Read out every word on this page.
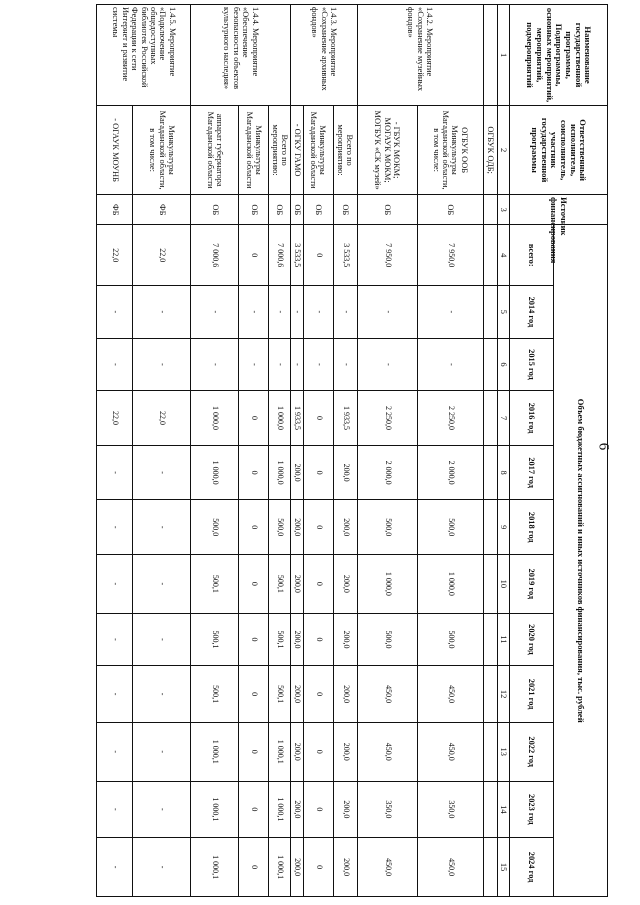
6
Наименование государственной программы, Подпрограммы, основных мероприятий, мероприятий, подмероприятий	Ответственный исполнитель, соисполнитель, участник государственной программы	Источник финансирования	Объем бюджетных ассигнований и иных источников финансирования, тыс. рублей											
			всего:	2014 год	2015 год	2016 год	2017 год	2018 год	2019 год	2020 год	2021 год	2022 год	2023 год	2024 год
1	2	3	4	5	6	7	8	9	10	11	12	13	14	15
	ОГБУК ОДБ;													
1.4.2. Мероприятие «Сохранение музейных фондов»	ОГБУК ООБ Минкультуры Магаданской области, в том числе:	ОБ	7 950,0	-	-	2 250,0	2 000,0	500,0	1 000,0	500,0	450,0	450,0	350,0	450,0
	- ГБУК МОКМ; МОГАУК МОКМ; МОГБУК «СК музей»	ОБ	7 950,0	-	-	2 250,0	2 000,0	500,0	1 000,0	500,0	450,0	450,0	350,0	450,0
1.4.3. Мероприятие «Сохранение архивных фондов»	Всего по мероприятию:	ОБ	3 533,5	-	-	1 933,5	200,0	200,0	200,0	200,0	200,0	200,0	200,0	200,0
	Минкультуры Магаданской области	ОБ	0	-	-	0	0	0	0	0	0	0	0	0
	- ОГКУ ГАМО	ОБ	3 533,5	-	-	1 933,5	200,0	200,0	200,0	200,0	200,0	200,0	200,0	200,0
1.4.4. Мероприятие «Обеспечение безопасности объектов культурного наследия»	Всего по мероприятию:	ОБ	7 000,6	-	-	1 000,0	1 000,0	500,0	500,1	500,1	500,1	1 000,1	1 000,1	1 000,1
	Минкультуры Магаданской области	ОБ	0	-	-	0	0	0	0	0	0	0	0	0
	аппарат губернатора Магаданской области	ОБ	7 000,6	-	-	1 000,0	1 000,0	500,0	500,1	500,1	500,1	1 000,1	1 000,1	1 000,1
1.4.5. Мероприятие «Подключение общедоступных библиотек Российской Федерации к сети Интернет и развитие системы	Минкультуры Магаданской области, в том числе:	ФБ	22,0	-	-	22,0	-	-	-	-	-	-	-	-
	- ОГАУК МОУНБ	ФБ	22,0	-	-	22,0	-	-	-	-	-	-	-	-
